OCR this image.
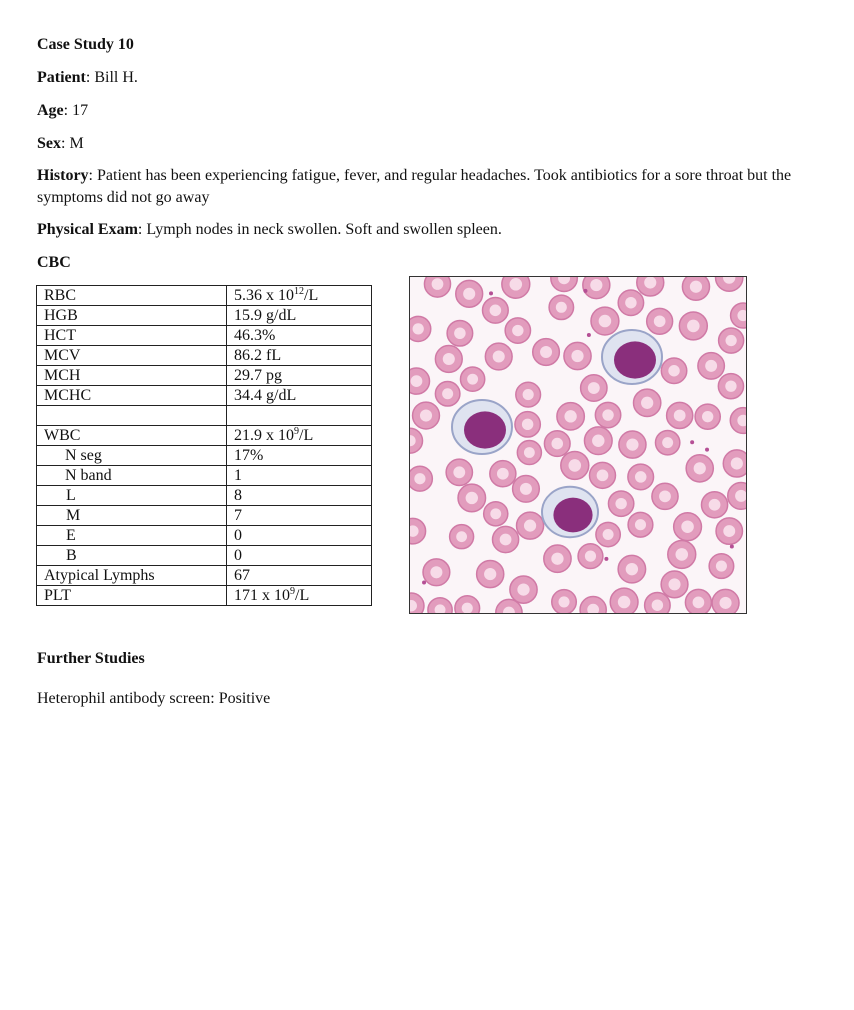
Case Study 10
Patient: Bill H.
Age: 17
Sex: M
History: Patient has been experiencing fatigue, fever, and regular headaches. Took antibiotics for a sore throat but the symptoms did not go away
Physical Exam: Lymph nodes in neck swollen. Soft and swollen spleen.
CBC
RBC	5.36 x $10^{12}/L$
HGB	15.9 g/dL
HCT	46.3%
MCV	86.2 fL
MCH	29.7 pg
MCHC	34.4 g/dL

WBC	21.9 x $10^9/L$
N seg	17%
N band	1
L	8
M	7
E	0
B	0
Atypical Lymphs	67
PLT	171 x $10^9/L$
Further Studies
Heterophil antibody screen: Positive
